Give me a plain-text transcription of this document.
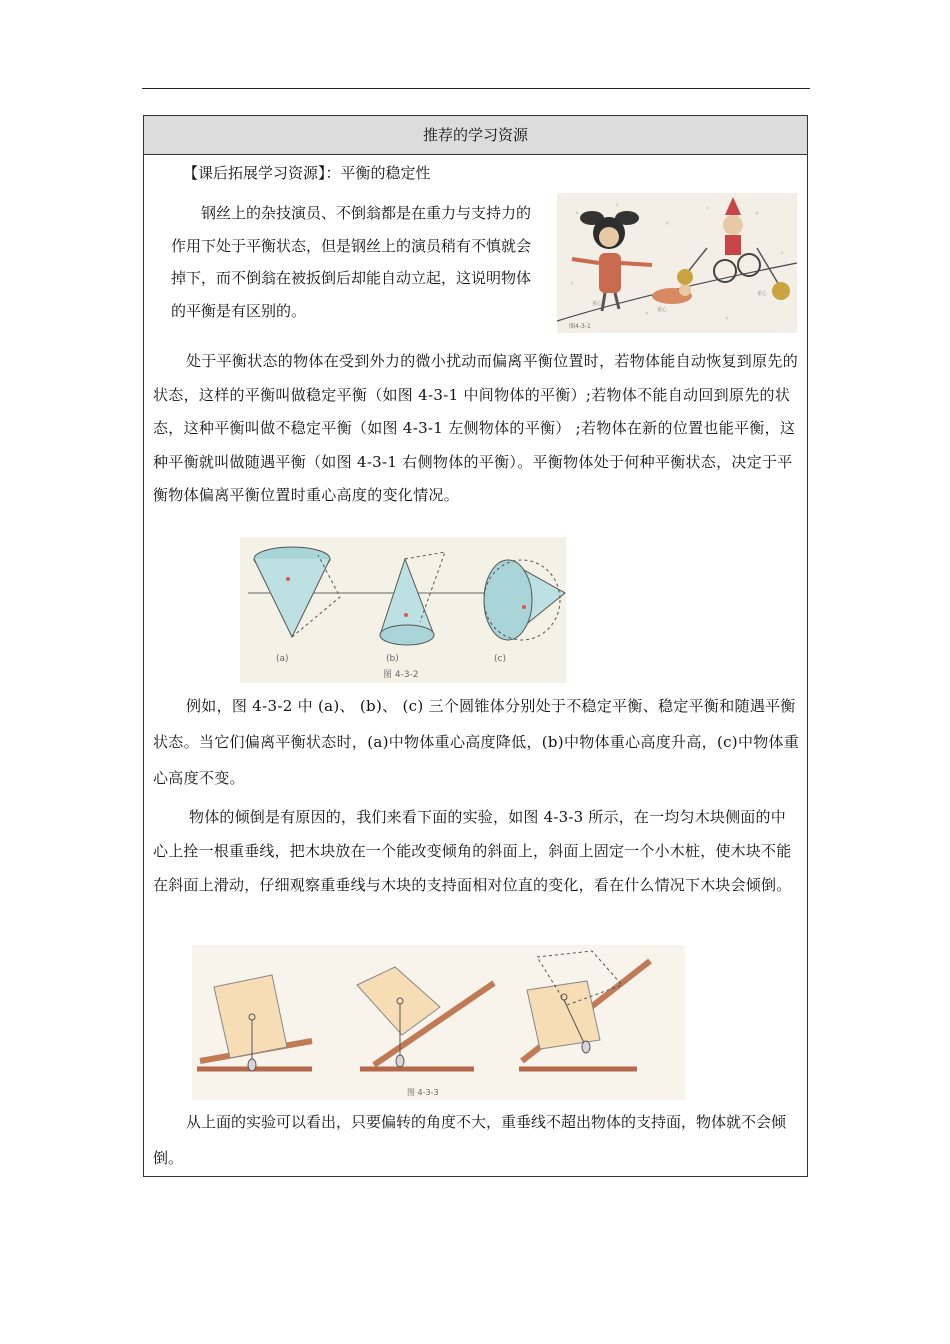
推荐的学习资源

【课后拓展学习资源】：平衡的稳定性

钢丝上的杂技演员、不倒翁都是在重力与支持力的作用下处于平衡状态，但是钢丝上的演员稍有不慎就会掉下，而不倒翁在被扳倒后却能自动立起，这说明物体的平衡是有区别的。

图4-3-1
重心
重心
重心

处于平衡状态的物体在受到外力的微小扰动而偏离平衡位置时，若物体能自动恢复到原先的状态，这样的平衡叫做稳定平衡（如图 4-3-1 中间物体的平衡）;若物体不能自动回到原先的状态，这种平衡叫做不稳定平衡（如图 4-3-1 左侧物体的平衡） ;若物体在新的位置也能平衡，这种平衡就叫做随遇平衡（如图 4-3-1 右侧物体的平衡）。平衡物体处于何种平衡状态，决定于平衡物体偏离平衡位置时重心高度的变化情况。

(a)	(b)	(c)
图 4-3-2

例如，图 4-3-2 中 (a)、 (b)、 (c) 三个圆锥体分别处于不稳定平衡、稳定平衡和随遇平衡状态。当它们偏离平衡状态时，(a)中物体重心高度降低，(b)中物体重心高度升高，(c)中物体重心高度不变。

物体的倾倒是有原因的，我们来看下面的实验，如图 4-3-3 所示，在一均匀木块侧面的中心上拴一根重垂线，把木块放在一个能改变倾角的斜面上，斜面上固定一个小木桩，使木块不能在斜面上滑动，仔细观察重垂线与木块的支持面相对位直的变化，看在什么情况下木块会倾倒。

图 4-3-3

从上面的实验可以看出，只要偏转的角度不大，重垂线不超出物体的支持面，物体就不会倾倒。
